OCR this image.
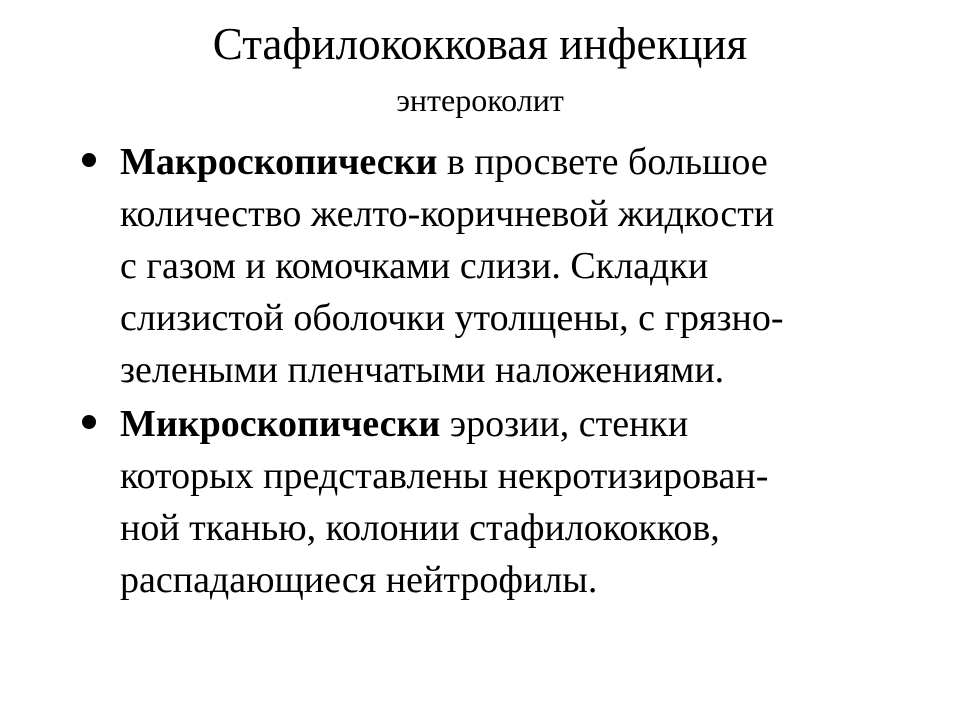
Стафилококковая инфекция
энтероколит

Макроскопически в просвете большое
количество желто-коричневой жидкости
с газом и комочками слизи. Складки
слизистой оболочки утолщены, с грязно-
зелеными пленчатыми наложениями.

Микроскопически эрозии, стенки
которых представлены некротизирован-
ной тканью, колонии стафилококков,
распадающиеся нейтрофилы.
